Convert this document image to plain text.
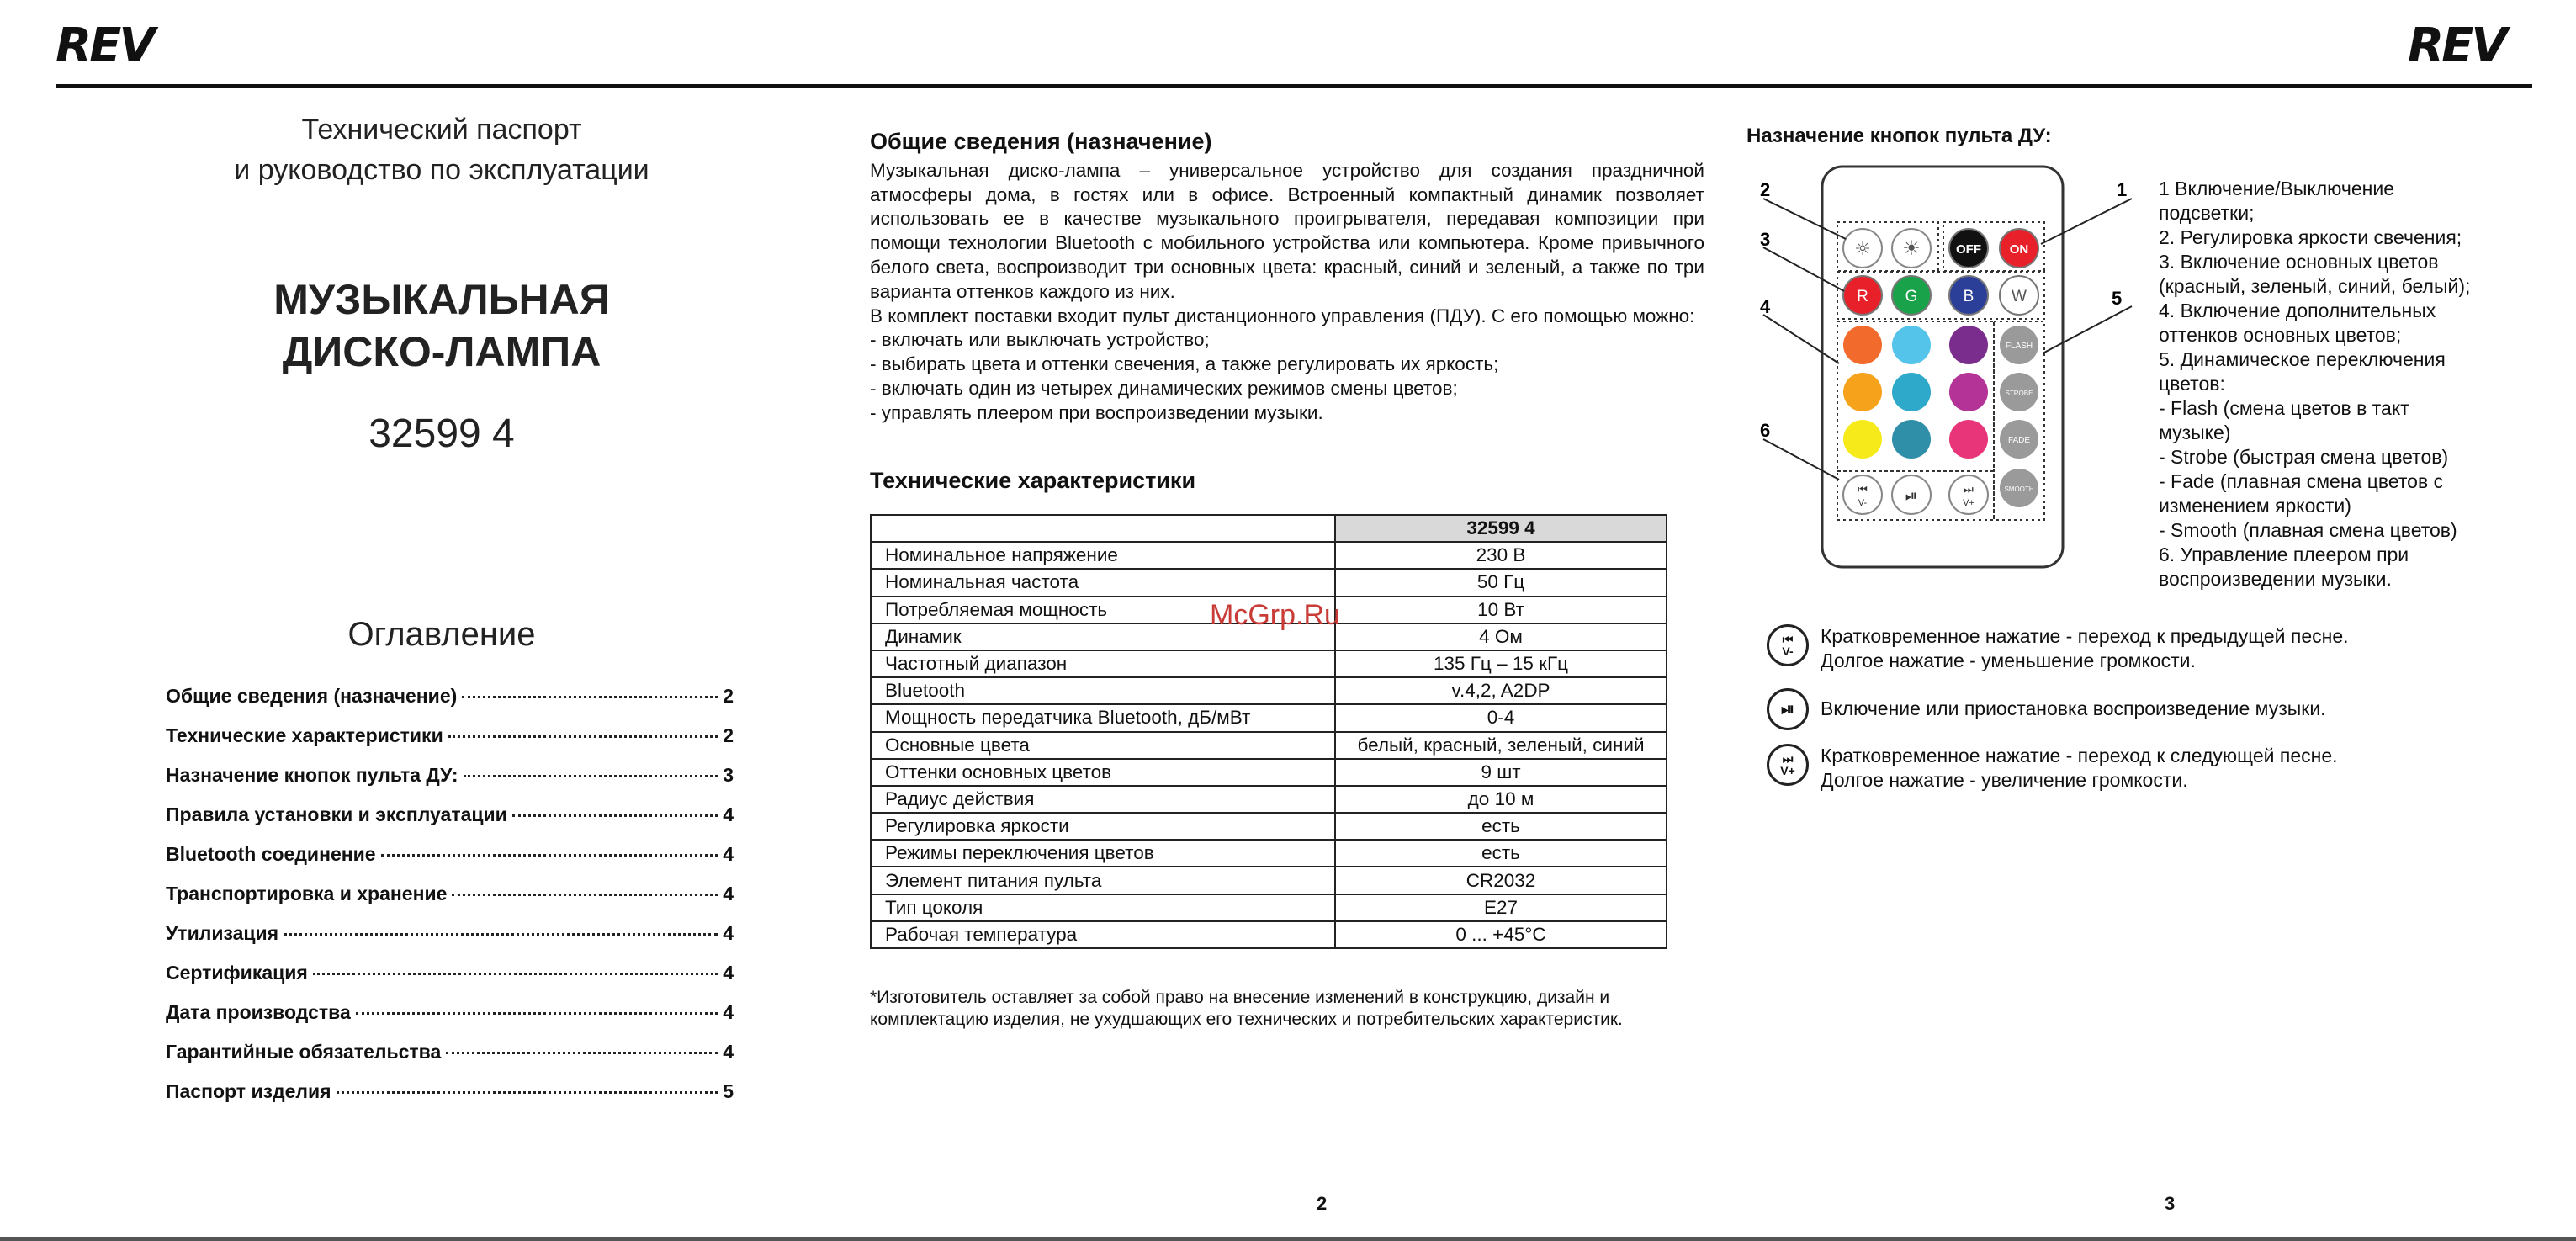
REV	REV
Технический паспорт
и руководство по эксплуатации
МУЗЫКАЛЬНАЯ
ДИСКО-ЛАМПА
32599 4
Оглавление
Общие сведения (назначение)	2
Технические характеристики	2
Назначение кнопок пульта ДУ:	3
Правила установки и эксплуатации	4
Bluetooth соединение	4
Транспортировка и хранение	4
Утилизация	4
Сертификация	4
Дата производства	4
Гарантийные обязательства	4
Паспорт изделия	5
Общие сведения (назначение)

Музыкальная диско-лампа – универсальное устройство для создания праздничной атмосферы дома, в гостях или в офисе. Встроенный компактный динамик позволяет использовать ее в качестве музыкального проигрывателя, передавая композиции при помощи технологии Bluetooth с мобильного устройства или компьютера. Кроме привычного белого света, воспроизводит три основных цвета: красный, синий и зеленый, а также по три варианта оттенков каждого из них.

В комплект поставки входит пульт дистанционного управления (ПДУ). С его помощью можно:

- включать или выключать устройство;
- выбирать цвета и оттенки свечения, а также регулировать их яркость;
- включать один из четырех динамических режимов смены цветов;
- управлять плеером при воспроизведении музыки.
Технические характеристики
	32599 4
Номинальное напряжение	230 В
Номинальная частота	50 Гц
Потребляемая мощность	10 Вт
Динамик	4 Ом
Частотный диапазон	135 Гц – 15 кГц
Bluetooth	v.4,2, A2DP
Мощность передатчика Bluetooth, дБ/мВт	0-4
Основные цвета	белый, красный, зеленый, синий
Оттенки основных цветов	9 шт
Радиус действия	до 10 м
Регулировка яркости	есть
Режимы переключения цветов	есть
Элемент питания пульта	CR2032
Тип цоколя	E27
Рабочая температура	0 ... +45°С
*Изготовитель оставляет за собой право на внесение изменений в конструкцию, дизайн и комплектацию изделия, не ухудшающих его технических и потребительских характеристик.
McGrp.Ru
Назначение кнопок пульта ДУ:
☼ ☀	OFF ON
R G	B W
FLASH
STROBE
FADE
SMOOTH
⏮
V-	⏯	⏭
V+
1
2
3
4	5
6
1 Включение/Выключение
подсветки;
2. Регулировка яркости свечения;
3. Включение основных цветов
(красный, зеленый, синий, белый);
4. Включение дополнительных
оттенков основных цветов;
5. Динамическое переключения
цветов:
- Flash (смена цветов в такт
музыке)
- Strobe (быстрая смена цветов)
- Fade (плавная смена цветов с
изменением яркости)
- Smooth (плавная смена цветов)
6. Управление плеером при
воспроизведении музыки.
⏮
V-
Кратковременное нажатие - переход к предыдущей песне.
Долгое нажатие - уменьшение громкости.
⏯ Включение или приостановка воспроизведение музыки.
⏭
V+
Кратковременное нажатие - переход к следующей песне.
Долгое нажатие - увеличение громкости.
2	3
